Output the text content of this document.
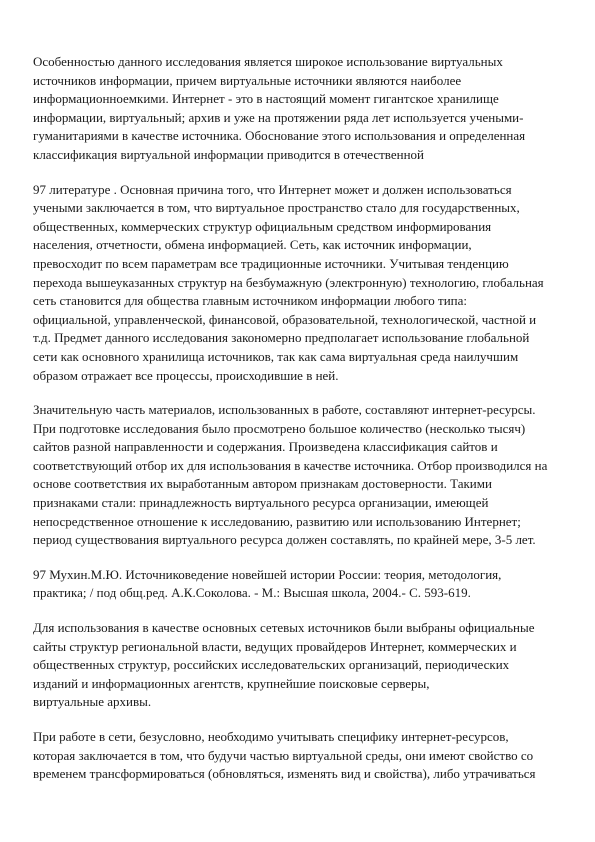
Особенностью данного исследования является широкое использование виртуальных
источников информации, причем виртуальные источники являются наиболее
информационноемкими. Интернет - это в настоящий момент гигантское хранилище
информации, виртуальный; архив и уже на протяжении ряда лет используется учеными-
гуманитариями в качестве источника. Обоснование этого использования и определенная
классификация виртуальной информации приводится в отечественной

97 литературе . Основная причина того, что Интернет может и должен использоваться
учеными заключается в том, что виртуальное пространство стало для государственных,
общественных, коммерческих структур официальным средством информирования
населения, отчетности, обмена информацией. Сеть, как источник информации,
превосходит по всем параметрам все традиционные источники. Учитывая тенденцию
перехода вышеуказанных структур на безбумажную (электронную) технологию, глобальная
сеть становится для общества главным источником информации любого типа:
официальной, управленческой, финансовой, образовательной, технологической, частной и
т.д. Предмет данного исследования закономерно предполагает использование глобальной
сети как основного хранилища источников, так как сама виртуальная среда наилучшим
образом отражает все процессы, происходившие в ней.

Значительную часть материалов, использованных в работе, составляют интернет-ресурсы.
При подготовке исследования было просмотрено большое количество (несколько тысяч)
сайтов разной направленности и содержания. Произведена классификация сайтов и
соответствующий отбор их для использования в качестве источника. Отбор производился на
основе соответствия их выработанным автором признакам достоверности. Такими
признаками стали: принадлежность виртуального ресурса организации, имеющей
непосредственное отношение к исследованию, развитию или использованию Интернет;
период существования виртуального ресурса должен составлять, по крайней мере, 3-5 лет.

97 Мухин.М.Ю. Источниковедение новейшей истории России: теория, методология,
практика; / под общ.ред. А.К.Соколова. - М.: Высшая школа, 2004.- С. 593-619.

Для использования в качестве основных сетевых источников были выбраны официальные
сайты структур региональной власти, ведущих провайдеров Интернет, коммерческих и
общественных структур, российских исследовательских организаций, периодических
изданий и информационных агентств, крупнейшие поисковые серверы,
виртуальные архивы.

При работе в сети, безусловно, необходимо учитывать специфику интернет-ресурсов,
которая заключается в том, что будучи частью виртуальной среды, они имеют свойство со
временем трансформироваться (обновляться, изменять вид и свойства), либо утрачиваться
